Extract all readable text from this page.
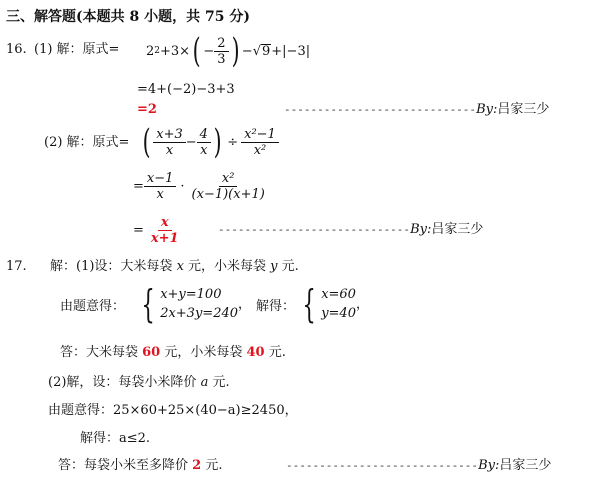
三、解答题(本题共 8 小题，共 75 分)
16. (1) 解：原式= 2 2 +3× ( − $\frac{2}{3}$ ) − √ 9 +|−3|
=4+(−2)−3+3
=2	-----------------------------By:吕家三少
(2) 解：原式= ( $\frac{x+3}{x} - \frac{4}{x}$ ) ÷ $\frac{\text{x²−1}}{\text{x²}}$
= $\frac{x-1}{x} \cdot \frac{\text{x²}}{(x-1)(x+1)}$
= $\frac{x}{x+1}$	-----------------------------By:吕家三少
17. 解：(1)设：大米每袋 x 元，小米每袋 y 元.
由题意得： { x+y=100
2x+3y=240
， 解得： { x=60
y=40
，
答：大米每袋 60 元，小米每袋 40 元.
(2)解，设：每袋小米降价 a 元.
由题意得：25×60+25×(40−a)≥2450，
解得：a≤2.
答：每袋小米至多降价 2 元.	-----------------------------By:吕家三少
